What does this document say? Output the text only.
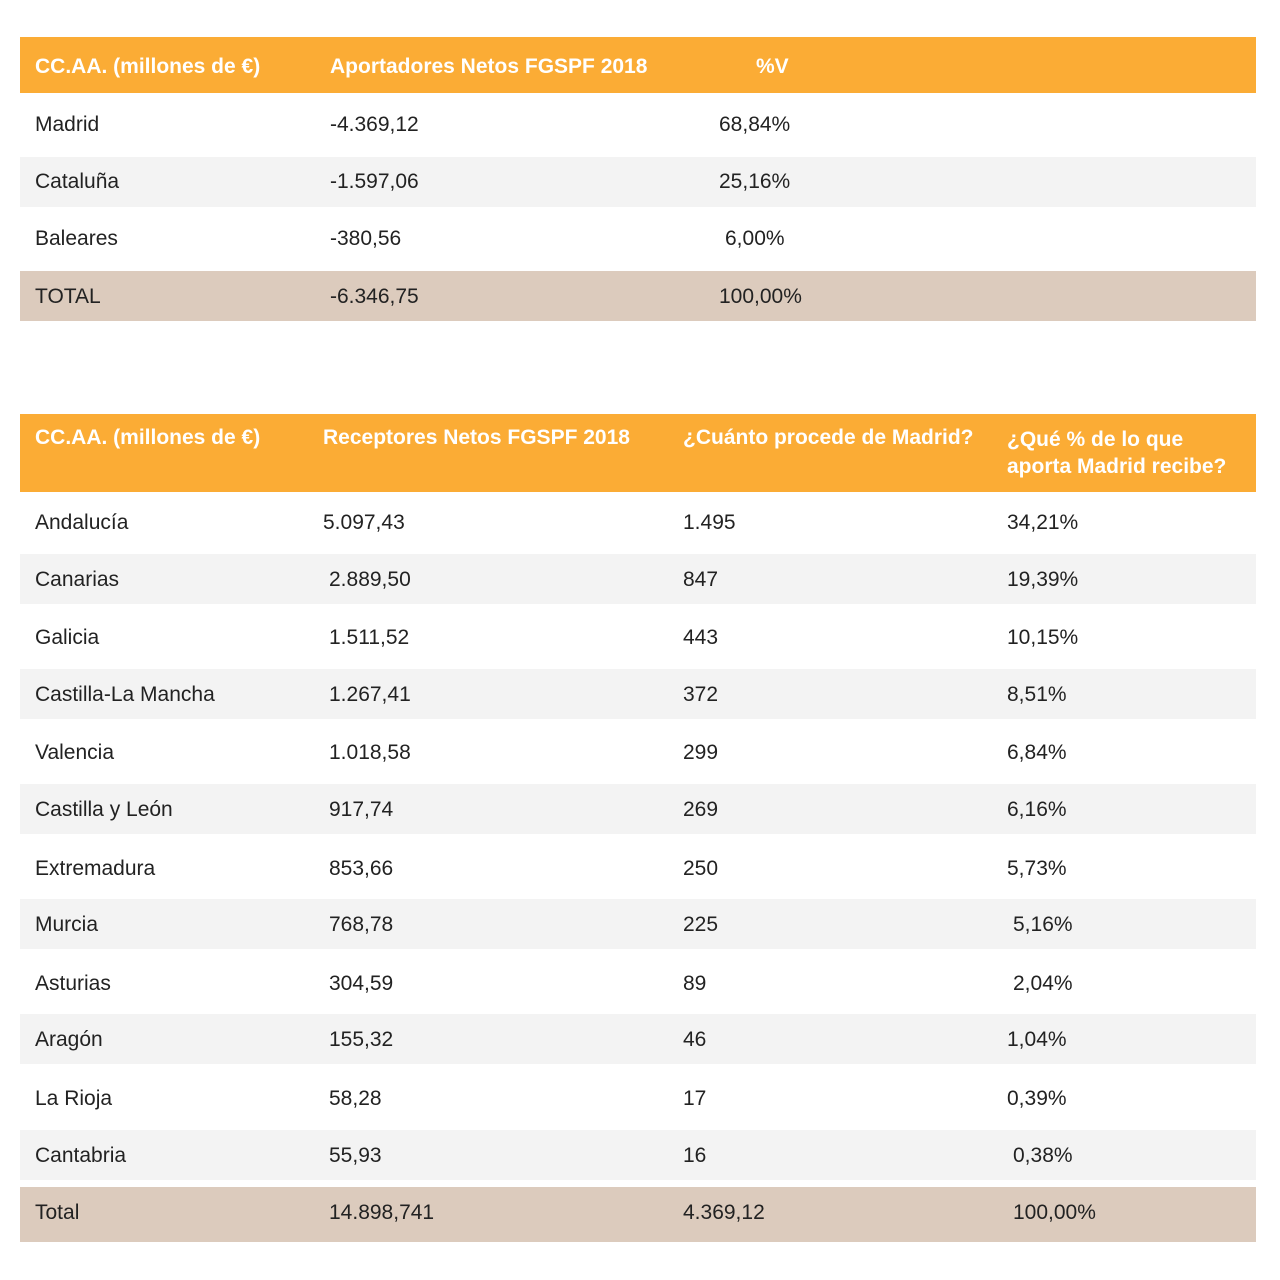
CC.AA. (millones de €)	Aportadores Netos FGSPF 2018	%V
Madrid	-4.369,12	68,84%
Cataluña	-1.597,06	25,16%
Baleares	-380,56	6,00%
TOTAL	-6.346,75	100,00%
CC.AA. (millones de €)	Receptores Netos FGSPF 2018	¿Cuánto procede de Madrid? ¿Qué % de lo que aporta Madrid recibe?
Andalucía	5.097,43	1.495	34,21%
Canarias	2.889,50	847	19,39%
Galicia	1.511,52	443	10,15%
Castilla-La Mancha	1.267,41	372	8,51%
Valencia	1.018,58	299	6,84%
Castilla y León	917,74	269	6,16%
Extremadura	853,66	250	5,73%
Murcia	768,78	225	5,16%
Asturias	304,59	89	2,04%
Aragón	155,32	46	1,04%
La Rioja	58,28	17	0,39%
Cantabria	55,93	16	0,38%
Total	14.898,741	4.369,12	100,00%
